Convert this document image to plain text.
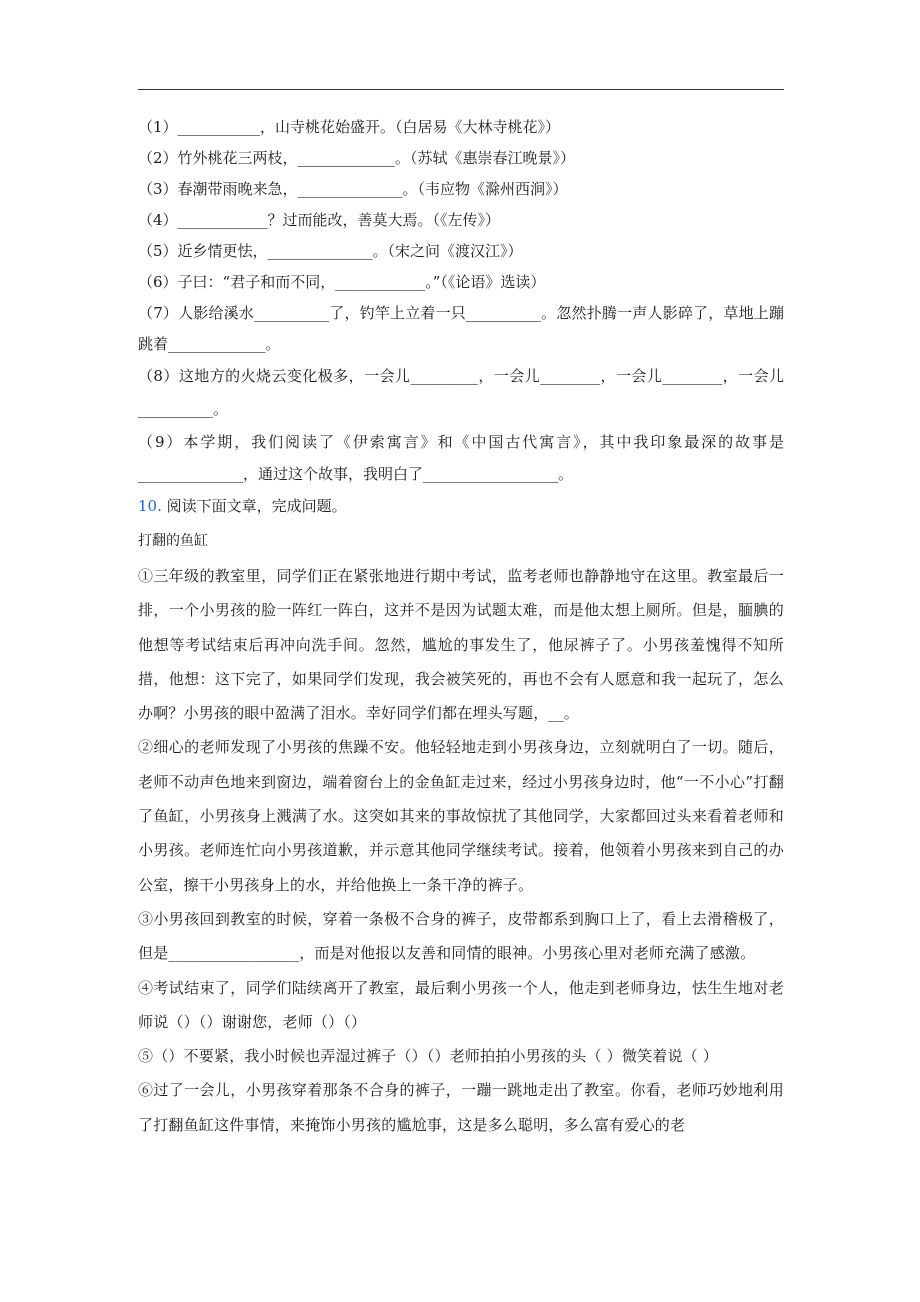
（1）___________，山寺桃花始盛开。（白居易《大林寺桃花》）
（2）竹外桃花三两枝，_____________。（苏轼《惠崇春江晚景》）
（3）春潮带雨晚来急，______________。（韦应物《滁州西涧》）
（4）____________？过而能改，善莫大焉。（《左传》）
（5）近乡情更怯，______________。（宋之问《渡汉江》）
（6）子曰：“君子和而不同，____________。”（《论语》选读）
（7）人影给溪水__________了，钓竿上立着一只__________。忽然扑腾一声人影碎了，草地上蹦跳着_____________。
（8）这地方的火烧云变化极多，一会儿_________，一会儿________，一会儿________，一会儿__________。
（9）本学期，我们阅读了《伊索寓言》和《中国古代寓言》，其中我印象最深的故事是______________，通过这个故事，我明白了__________________。
10. 阅读下面文章，完成问题。
打翻的鱼缸
①三年级的教室里，同学们正在紧张地进行期中考试，监考老师也静静地守在这里。教室最后一排，一个小男孩的脸一阵红一阵白，这并不是因为试题太难，而是他太想上厕所。但是，腼腆的他想等考试结束后再冲向洗手间。忽然，尴尬的事发生了，他尿裤子了。小男孩羞愧得不知所措，他想：这下完了，如果同学们发现，我会被笑死的，再也不会有人愿意和我一起玩了，怎么办啊？小男孩的眼中盈满了泪水。幸好同学们都在埋头写题，__。
②细心的老师发现了小男孩的焦躁不安。他轻轻地走到小男孩身边，立刻就明白了一切。随后，老师不动声色地来到窗边，端着窗台上的金鱼缸走过来，经过小男孩身边时，他“一不小心”打翻了鱼缸，小男孩身上溅满了水。这突如其来的事故惊扰了其他同学，大家都回过头来看着老师和小男孩。老师连忙向小男孩道歉，并示意其他同学继续考试。接着，他领着小男孩来到自己的办公室，擦干小男孩身上的水，并给他换上一条干净的裤子。
③小男孩回到教室的时候，穿着一条极不合身的裤子，皮带都系到胸口上了，看上去滑稽极了，但是_________________，而是对他报以友善和同情的眼神。小男孩心里对老师充满了感激。
④考试结束了，同学们陆续离开了教室，最后剩小男孩一个人，他走到老师身边，怯生生地对老师说（）（）谢谢您，老师（）（）
⑤（）不要紧，我小时候也弄湿过裤子（）（）老师拍拍小男孩的头（ ）微笑着说（ ）
⑥过了一会儿，小男孩穿着那条不合身的裤子，一蹦一跳地走出了教室。你看，老师巧妙地利用了打翻鱼缸这件事情，来掩饰小男孩的尴尬事，这是多么聪明，多么富有爱心的老
